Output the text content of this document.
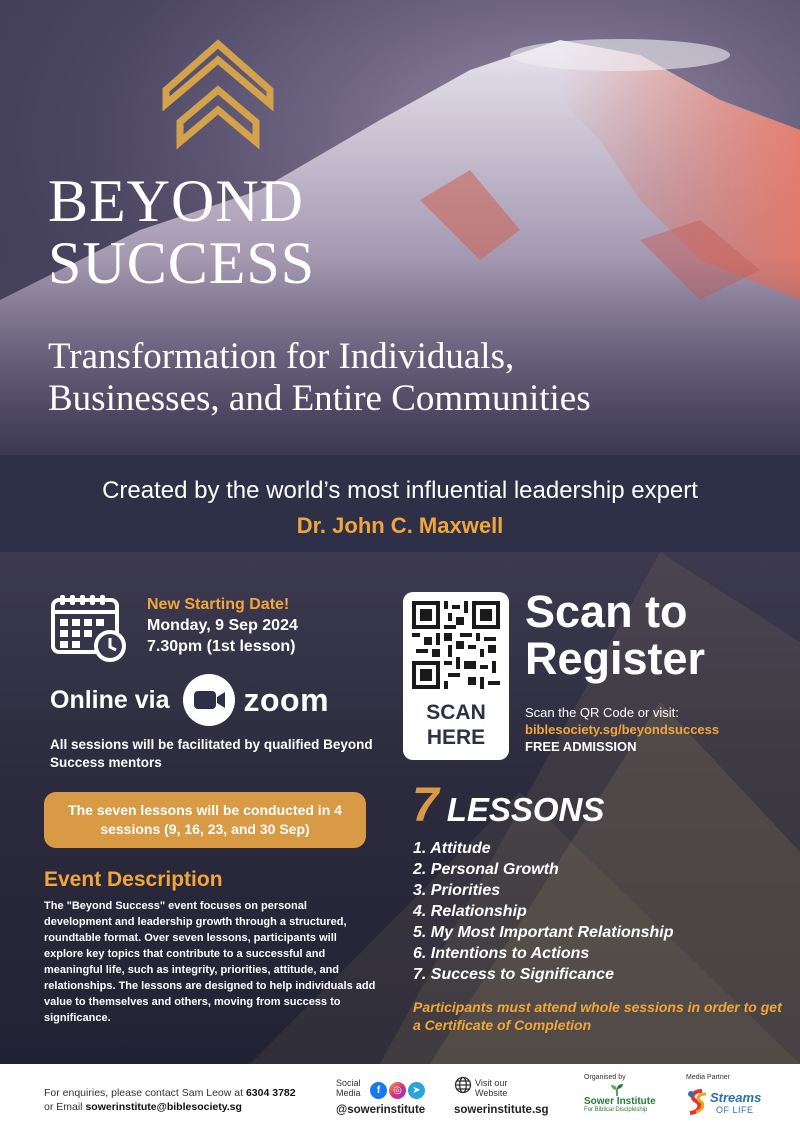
BEYOND
SUCCESS
Transformation for Individuals,
Businesses, and Entire Communities
Created by the world’s most influential leadership expert
Dr. John C. Maxwell
New Starting Date!
Monday, 9 Sep 2024
7.30pm (1st lesson)
Online via zoom
All sessions will be facilitated by qualified Beyond Success mentors
The seven lessons will be conducted in 4 sessions (9, 16, 23, and 30 Sep)
Event Description
The "Beyond Success" event focuses on personal development and leadership growth through a structured, roundtable format. Over seven lessons, participants will explore key topics that contribute to a successful and meaningful life, such as integrity, priorities, attitude, and relationships. The lessons are designed to help individuals add value to themselves and others, moving from success to significance.
SCAN
HERE
Scan to
Register
Scan the QR Code or visit:
biblesociety.sg/beyondsuccess
FREE ADMISSION
7 LESSONS
1. Attitude
2. Personal Growth
3. Priorities
4. Relationship
5. My Most Important Relationship
6. Intentions to Actions
7. Success to Significance
Participants must attend whole sessions in order to get a Certificate of Completion
For enquiries, please contact Sam Leow at 6304 3782
or Email sowerinstitute@biblesociety.sg
Social
Media	f	◎	➤
@sowerinstitute
Visit our
Website
sowerinstitute.sg
Organised by
Sower Institute
For Biblical Discipleship
Media Partner
Streams
OF LIFE
